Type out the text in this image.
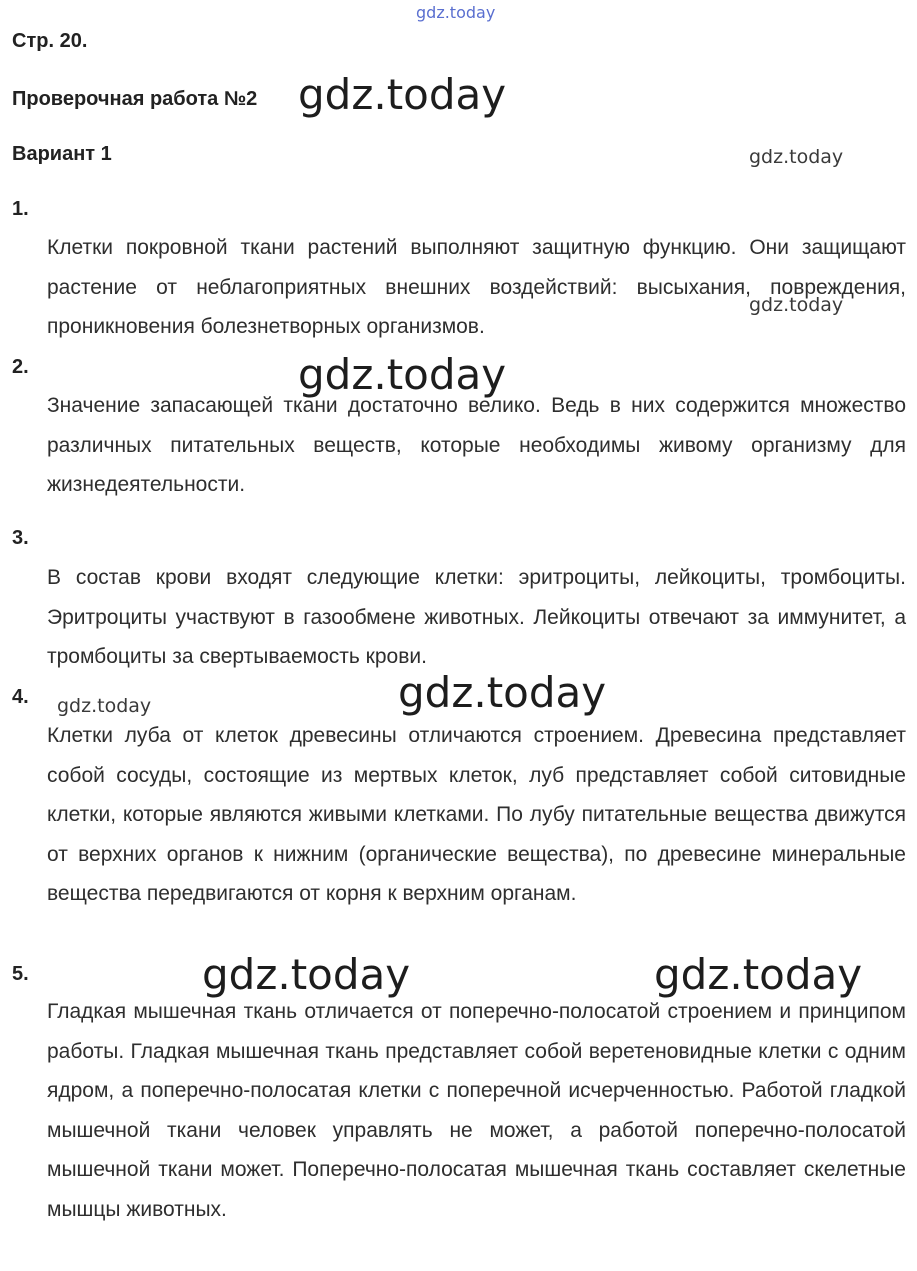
gdz.today
Стр. 20.
Проверочная работа №2 gdz.today
Вариант 1	gdz.today
1.

Клетки покровной ткани растений выполняют защитную функцию. Они защищают растение от неблагоприятных внешних воздействий: высыхания, повреждения, проникновения болезнетворных организмов.

gdz.today
2.	gdz.today

Значение запасающей ткани достаточно велико. Ведь в них содержится множество различных питательных веществ, которые необходимы живому организму для жизнедеятельности.

3.

В состав крови входят следующие клетки: эритроциты, лейкоциты, тромбоциты. Эритроциты участвуют в газообмене животных. Лейкоциты отвечают за иммунитет, а тромбоциты за свертываемость крови.

4. gdz.today	gdz.today

Клетки луба от клеток древесины отличаются строением. Древесина представляет собой сосуды, состоящие из мертвых клеток, луб представляет собой ситовидные клетки, которые являются живыми клетками. По лубу питательные вещества движутся от верхних органов к нижним (органические вещества), по древесине минеральные вещества передвигаются от корня к верхним органам.

5.	gdz.today	gdz.today

Гладкая мышечная ткань отличается от поперечно-полосатой строением и принципом работы. Гладкая мышечная ткань представляет собой веретеновидные клетки с одним ядром, а поперечно-полосатая клетки с поперечной исчерченностью. Работой гладкой мышечной ткани человек управлять не может, а работой поперечно-полосатой мышечной ткани может. Поперечно-полосатая мышечная ткань составляет скелетные мышцы животных.
